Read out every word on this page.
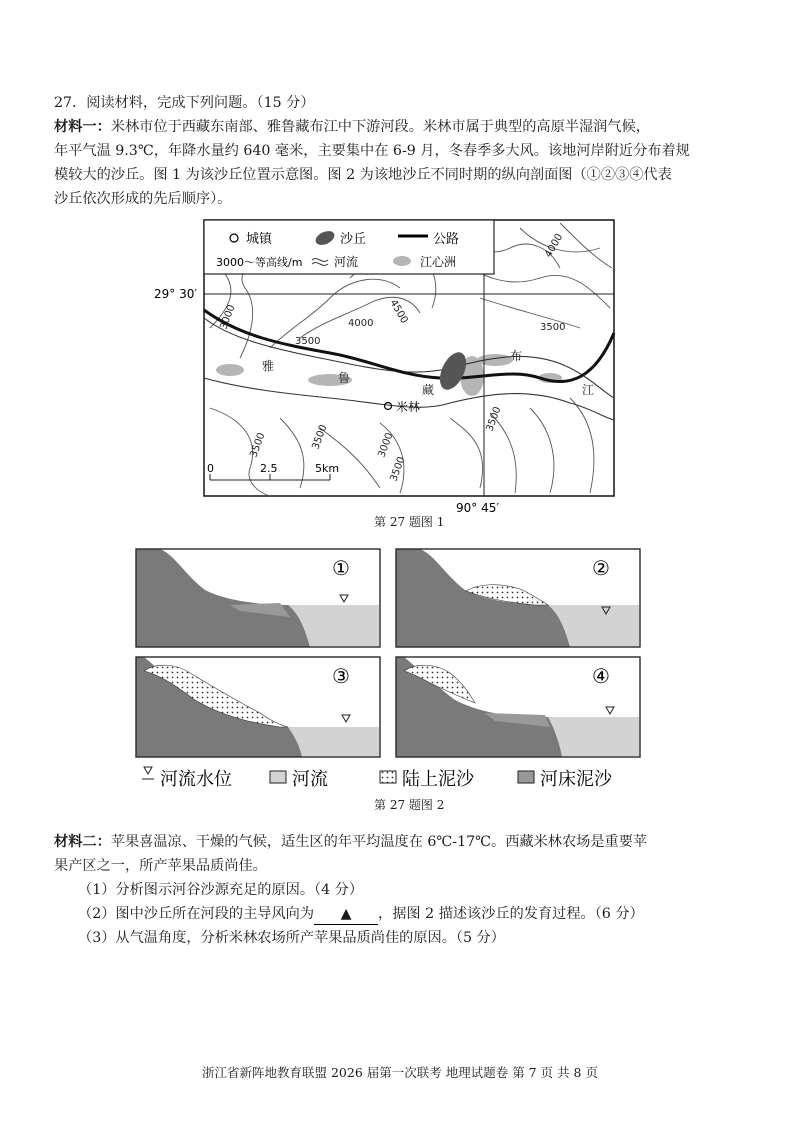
27．阅读材料，完成下列问题。（15 分）
材料一：米林市位于西藏东南部、雅鲁藏布江中下游河段。米林市属于典型的高原半湿润气候，
年平气温 9.3℃，年降水量约 640 毫米，主要集中在 6-9 月，冬春季多大风。该地河岸附近分布着规
模较大的沙丘。图 1 为该沙丘位置示意图。图 2 为该地沙丘不同时期的纵向剖面图（①②③④代表
沙丘依次形成的先后顺序）。
城镇	沙丘	公路
3000～等高线/m	河流	江心洲
29° 30′
90° 45′
3000
3500
4000 4500
4000
3500
3500	3000
3500
3500
3500
雅
鲁
藏
布
江
米林
0	2.5	5km
第 27 题图 1
①	②
③	④
河流水位	河流	陆上泥沙	河床泥沙
第 27 题图 2
材料二：苹果喜温凉、干燥的气候，适生区的年平均温度在 6℃-17℃。西藏米林农场是重要苹
果产区之一，所产苹果品质尚佳。
（1）分析图示河谷沙源充足的原因。（4 分）
（2）图中沙丘所在河段的主导风向为 ▲ ，据图 2 描述该沙丘的发育过程。（6 分）
（3）从气温角度，分析米林农场所产苹果品质尚佳的原因。（5 分）
浙江省新阵地教育联盟 2026 届第一次联考 地理试题卷 第 7 页 共 8 页
